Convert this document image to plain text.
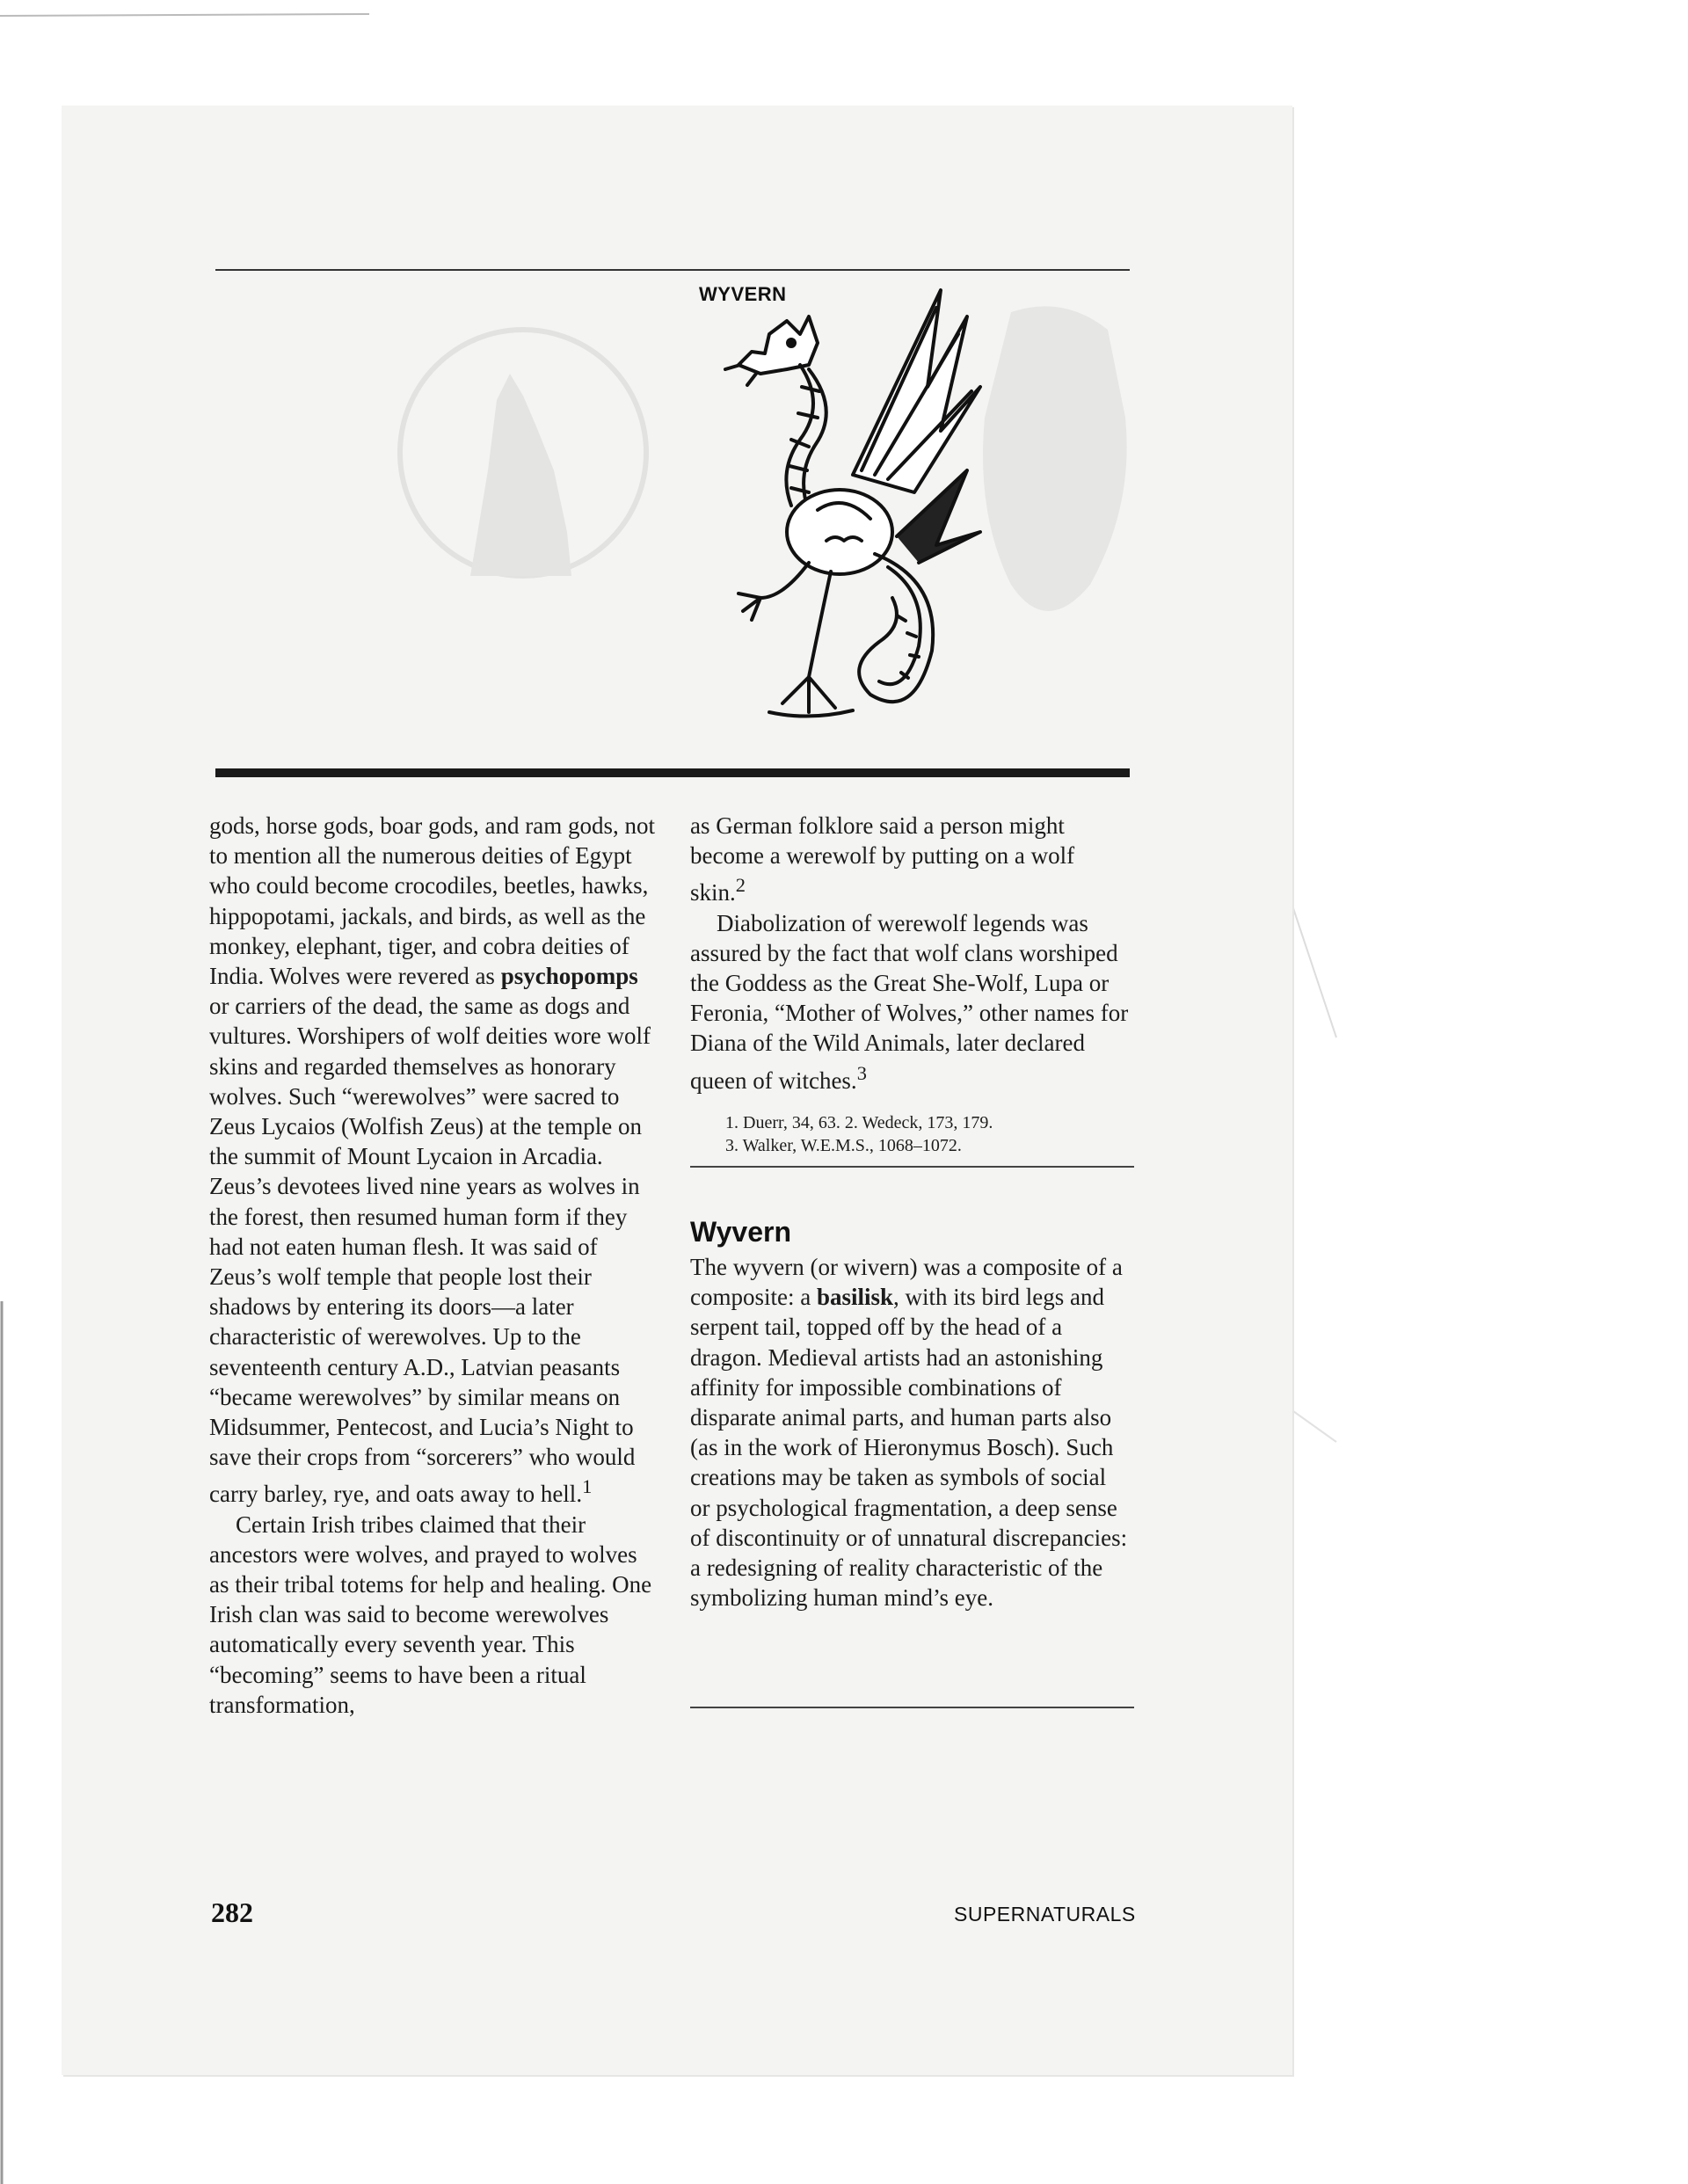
WYVERN

gods, horse gods, boar gods, and ram gods, not to mention all the numerous deities of Egypt who could become crocodiles, beetles, hawks, hippopotami, jackals, and birds, as well as the monkey, elephant, tiger, and cobra deities of India. Wolves were revered as psychopomps or carriers of the dead, the same as dogs and vultures. Worshipers of wolf deities wore wolf skins and regarded themselves as honorary wolves. Such “werewolves” were sacred to Zeus Lycaios (Wolfish Zeus) at the temple on the summit of Mount Lycaion in Arcadia. Zeus’s devotees lived nine years as wolves in the forest, then resumed human form if they had not eaten human flesh. It was said of Zeus’s wolf temple that people lost their shadows by entering its doors—a later characteristic of werewolves. Up to the seventeenth century A.D., Latvian peasants “became werewolves” by similar means on Midsummer, Pentecost, and Lucia’s Night to save their crops from “sorcerers” who would carry barley, rye, and oats away to hell.$^1$

Certain Irish tribes claimed that their ancestors were wolves, and prayed to wolves as their tribal totems for help and healing. One Irish clan was said to become werewolves automatically every seventh year. This “becoming” seems to have been a ritual transformation,

as German folklore said a person might become a werewolf by putting on a wolf skin.$^2$

Diabolization of werewolf legends was assured by the fact that wolf clans worshiped the Goddess as the Great She-Wolf, Lupa or Feronia, “Mother of Wolves,” other names for Diana of the Wild Animals, later declared queen of witches.$^3$

1. Duerr, 34, 63. 2. Wedeck, 173, 179.
3. Walker, W.E.M.S., 1068–1072.
Wyvern

The wyvern (or wivern) was a composite of a composite: a basilisk, with its bird legs and serpent tail, topped off by the head of a dragon. Medieval artists had an astonishing affinity for impossible combinations of disparate animal parts, and human parts also (as in the work of Hieronymus Bosch). Such creations may be taken as symbols of social or psychological fragmentation, a deep sense of discontinuity or of unnatural discrepancies: a redesigning of reality characteristic of the symbolizing human mind’s eye.

282	SUPERNATURALS
